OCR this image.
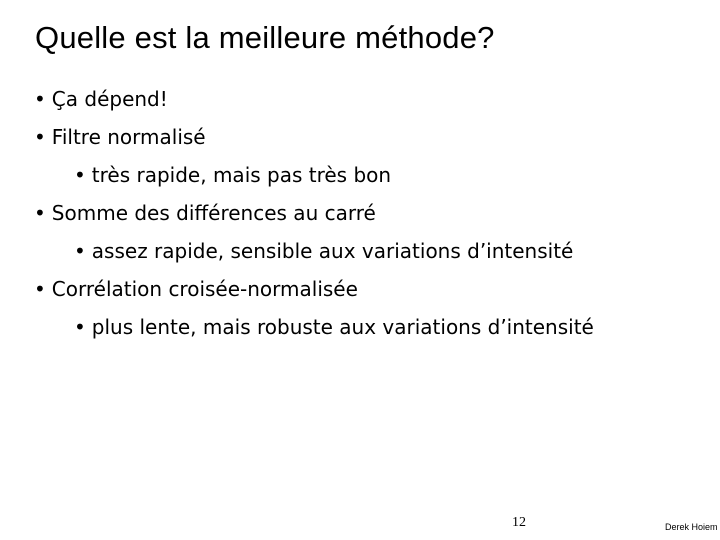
Quelle est la meilleure méthode?
• Ça dépend!
• Filtre normalisé
• très rapide, mais pas très bon
• Somme des différences au carré
• assez rapide, sensible aux variations d’intensité
• Corrélation croisée-normalisée
• plus lente, mais robuste aux variations d’intensité
12	Derek Hoiem
